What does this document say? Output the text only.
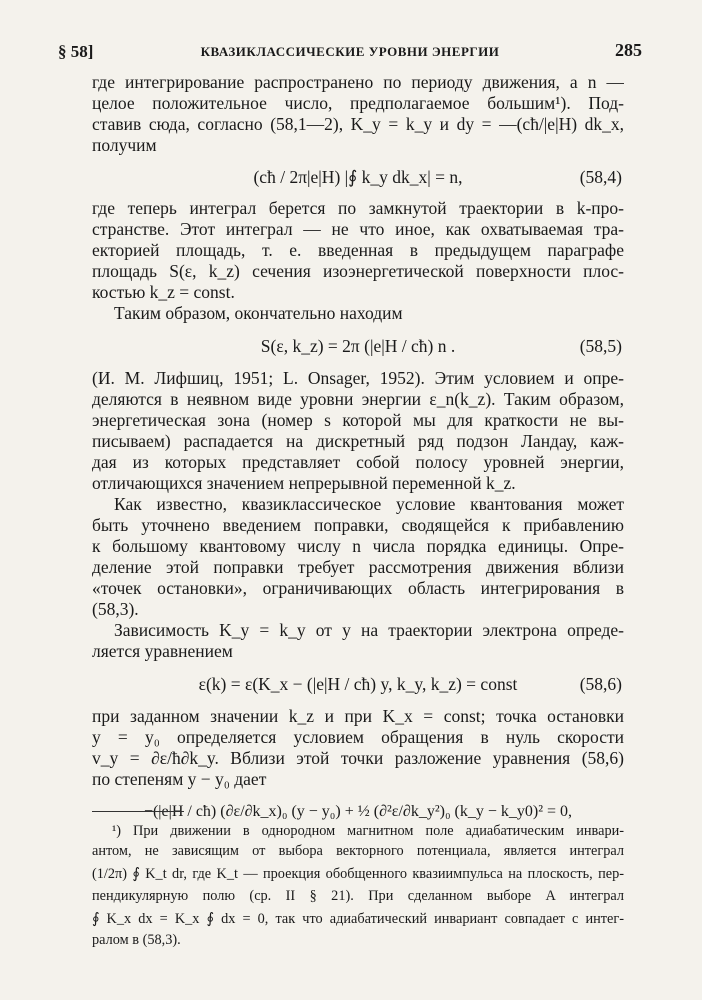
§ 58]	КВАЗИКЛАССИЧЕСКИЕ УРОВНИ ЭНЕРГИИ	285
где интегрирование распространено по периоду движения, а n —
целое положительное число, предполагаемое большим¹). Под-
ставив сюда, согласно (58,1—2), K_y = k_y и dy = —(cħ/|e|H) dk_x,
получим
(cħ / 2π|e|H) |∮ k_y dk_x| = n,	(58,4)
где теперь интеграл берется по замкнутой траектории в k-про-
странстве. Этот интеграл — не что иное, как охватываемая тра-
екторией площадь, т. е. введенная в предыдущем параграфе
площадь S(ε, k_z) сечения изоэнергетической поверхности плос-
костью k_z = const.
Таким образом, окончательно находим
S(ε, k_z) = 2π (|e|H / cħ) n .	(58,5)
(И. М. Лифшиц, 1951; L. Onsager, 1952). Этим условием и опре-
деляются в неявном виде уровни энергии ε_n(k_z). Таким образом,
энергетическая зона (номер s которой мы для краткости не вы-
писываем) распадается на дискретный ряд подзон Ландау, каж-
дая из которых представляет собой полосу уровней энергии,
отличающихся значением непрерывной переменной k_z.
Как известно, квазиклассическое условие квантования может
быть уточнено введением поправки, сводящейся к прибавлению
к большому квантовому числу n числа порядка единицы. Опре-
деление этой поправки требует рассмотрения движения вблизи
«точек остановки», ограничивающих область интегрирования в
(58,3).
Зависимость K_y = k_y от y на траектории электрона опреде-
ляется уравнением
ε(k) = ε(K_x − (|e|H / cħ) y, k_y, k_z) = const	(58,6)
при заданном значении k_z и при K_x = const; точка остановки
y = y₀ определяется условием обращения в нуль скорости
v_y = ∂ε/ħ∂k_y. Вблизи этой точки разложение уравнения (58,6)
по степеням y − y₀ дает
−(|e|H / cħ) (∂ε/∂k_x)₀ (y − y₀) + ½ (∂²ε/∂k_y²)₀ (k_y − k_y0)² = 0,
¹) При движении в однородном магнитном поле адиабатическим инвари-
антом, не зависящим от выбора векторного потенциала, является интеграл
(1/2π) ∮ K_t dr, где K_t — проекция обобщенного квазиимпульса на плоскость, пер-
пендикулярную полю (ср. II § 21). При сделанном выборе A интеграл
∮ K_x dx = K_x ∮ dx = 0, так что адиабатический инвариант совпадает с интег-
ралом в (58,3).
